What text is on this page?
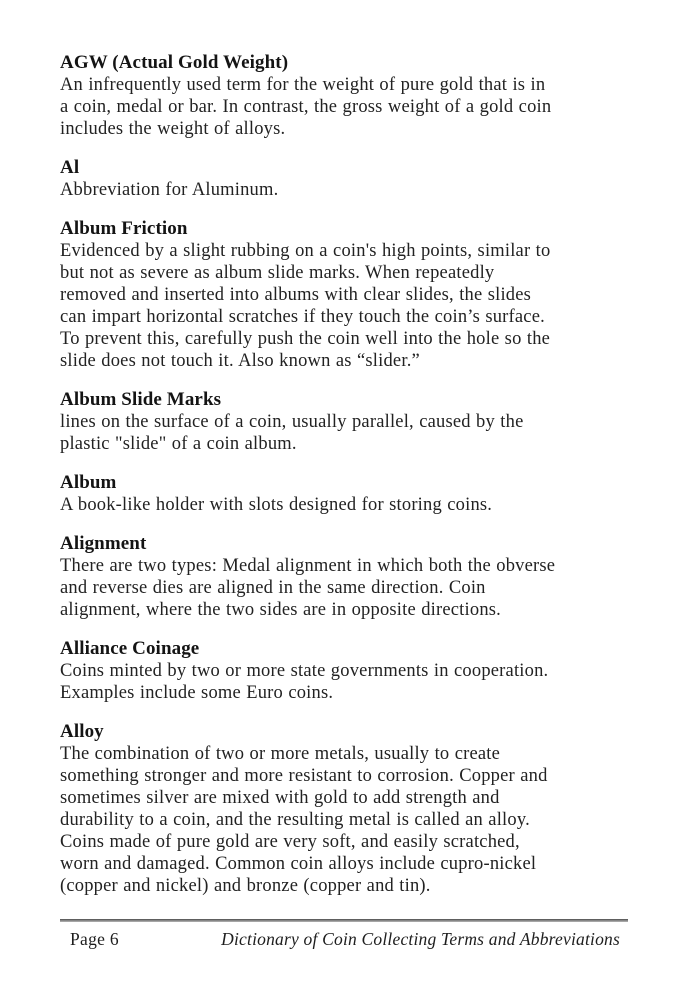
AGW (Actual Gold Weight)
An infrequently used term for the weight of pure gold that is in
a coin, medal or bar. In contrast, the gross weight of a gold coin
includes the weight of alloys.
Al
Abbreviation for Aluminum.
Album Friction
Evidenced by a slight rubbing on a coin's high points, similar to
but not as severe as album slide marks. When repeatedly
removed and inserted into albums with clear slides, the slides
can impart horizontal scratches if they touch the coin’s surface.
To prevent this, carefully push the coin well into the hole so the
slide does not touch it. Also known as “slider.”
Album Slide Marks
lines on the surface of a coin, usually parallel, caused by the
plastic "slide" of a coin album.
Album
A book-like holder with slots designed for storing coins.
Alignment
There are two types: Medal alignment in which both the obverse
and reverse dies are aligned in the same direction. Coin
alignment, where the two sides are in opposite directions.
Alliance Coinage
Coins minted by two or more state governments in cooperation.
Examples include some Euro coins.
Alloy
The combination of two or more metals, usually to create
something stronger and more resistant to corrosion. Copper and
sometimes silver are mixed with gold to add strength and
durability to a coin, and the resulting metal is called an alloy.
Coins made of pure gold are very soft, and easily scratched,
worn and damaged. Common coin alloys include cupro-nickel
(copper and nickel) and bronze (copper and tin).
Page 6	Dictionary of Coin Collecting Terms and Abbreviations
